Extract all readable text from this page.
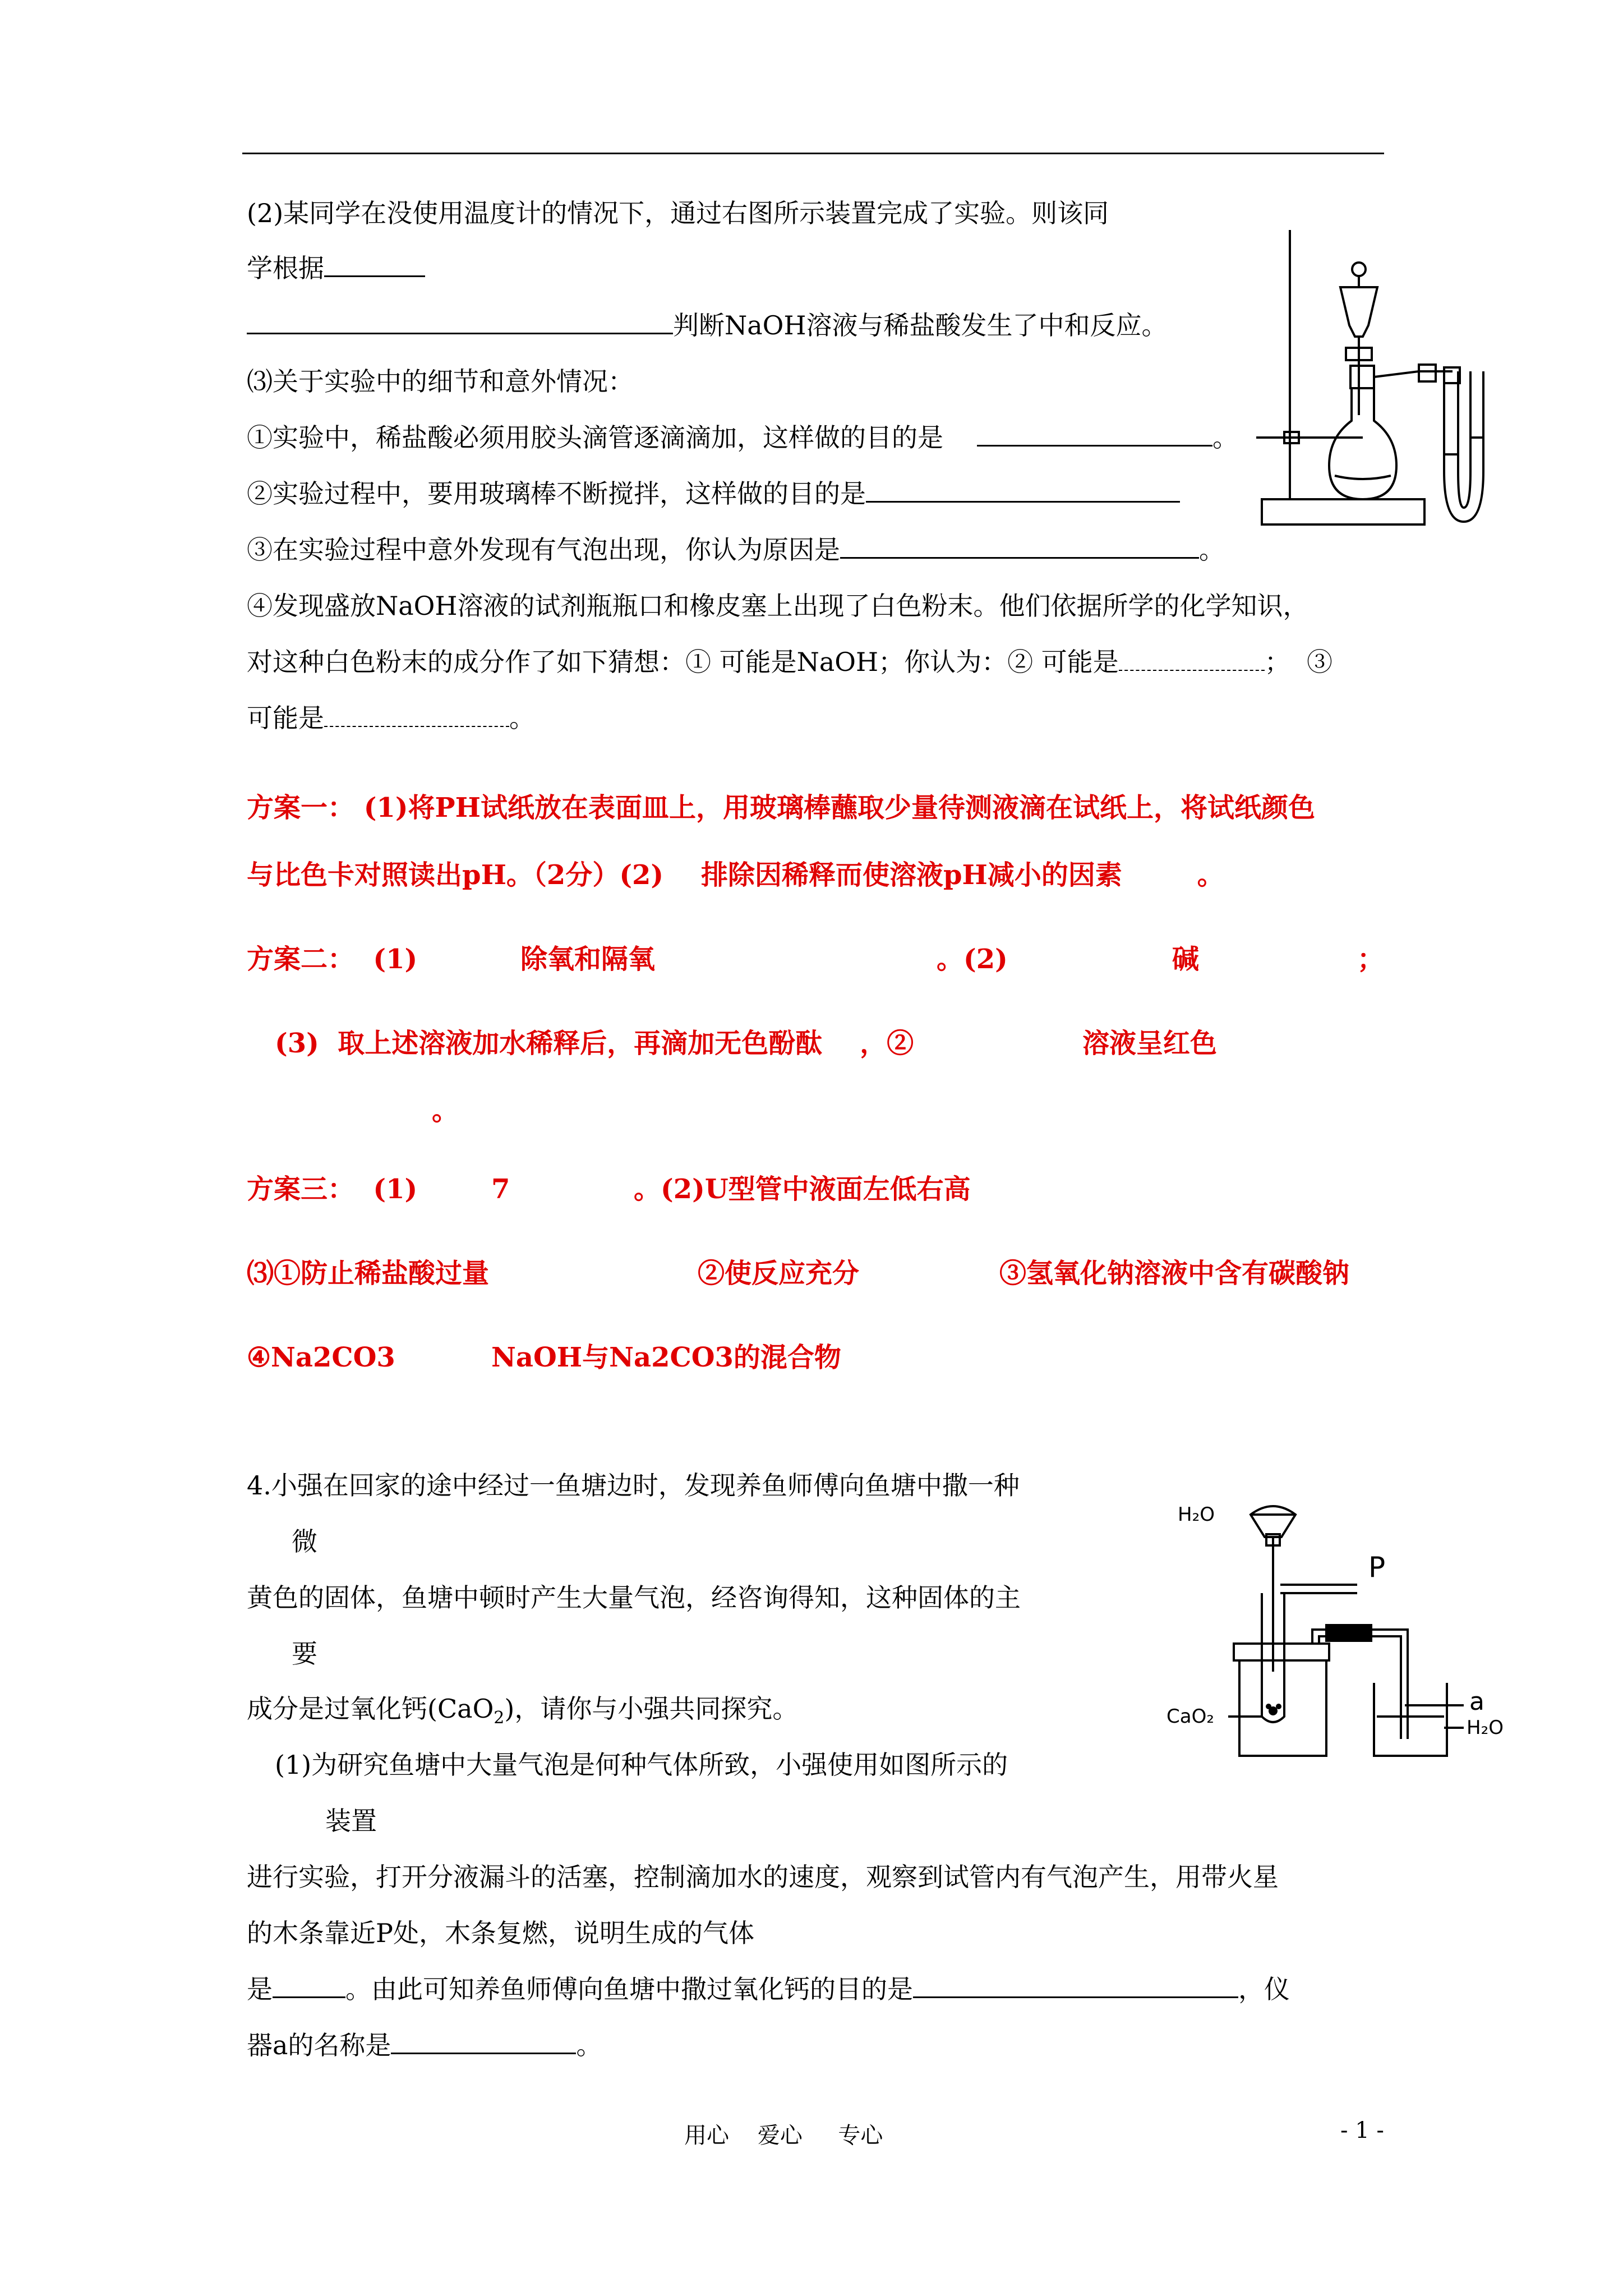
(2)某同学在没使用温度计的情况下，通过右图所示装置完成了实验。则该同
学根据
判断NaOH溶液与稀盐酸发生了中和反应。
⑶关于实验中的细节和意外情况：
①实验中，稀盐酸必须用胶头滴管逐滴滴加，这样做的目的是	。
②实验过程中，要用玻璃棒不断搅拌，这样做的目的是
③在实验过程中意外发现有气泡出现，你认为原因是	。
④发现盛放NaOH溶液的试剂瓶瓶口和橡皮塞上出现了白色粉末。他们依据所学的化学知识，
对这种白色粉末的成分作了如下猜想：① 可能是NaOH；你认为：② 可能是	；  ③
可能是	。
方案一： (1)将PH试纸放在表面皿上，用玻璃棒蘸取少量待测液滴在试纸上，将试纸颜色
与比色卡对照读出pH。（2分）(2)    排除因稀释而使溶液pH减小的因素        。
方案二：  (1)	除氧和隔氧	。(2)	碱	；
(3)  取上述溶液加水稀释后，再滴加无色酚酞    ，②	溶液呈红色
。
方案三：  (1)	7	。(2)U型管中液面左低右高
⑶①防止稀盐酸过量	②使反应充分	③氢氧化钠溶液中含有碳酸钠
④Na2CO3	NaOH与Na2CO3的混合物
4.小强在回家的途中经过一鱼塘边时，发现养鱼师傅向鱼塘中撒一种
微
黄色的固体，鱼塘中顿时产生大量气泡，经咨询得知，这种固体的主
要
成分是过氧化钙(CaO$_2$)，请你与小强共同探究。
(1)为研究鱼塘中大量气泡是何种气体所致，小强使用如图所示的
装置
进行实验，打开分液漏斗的活塞，控制滴加水的速度，观察到试管内有气泡产生，用带火星
的木条靠近P处，木条复燃，说明生成的气体
是	。由此可知养鱼师傅向鱼塘中撒过氧化钙的目的是	，仪
器a的名称是	。
H₂O
P
a
CaO₂	H₂O
用心    爱心     专心	- 1 -
